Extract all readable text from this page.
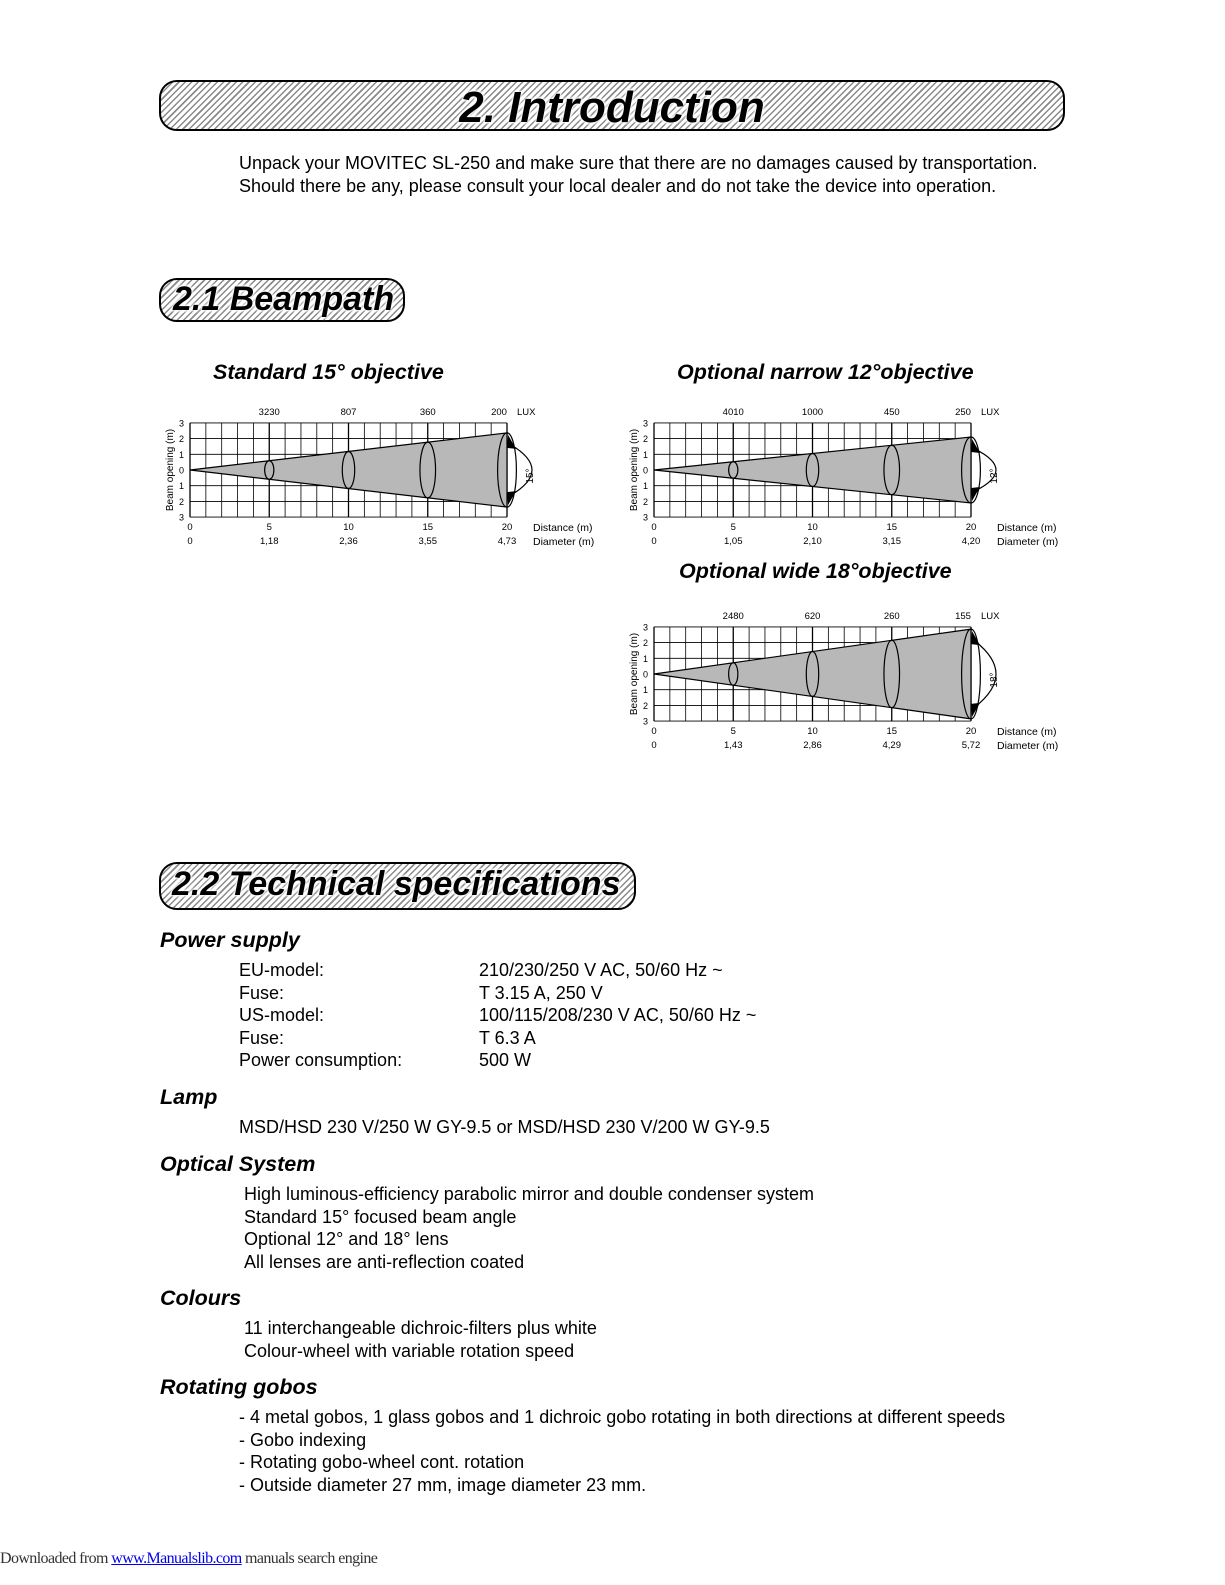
2. Introduction
Unpack your MOVITEC SL-250 and make sure that there are no damages caused by transportation.
Should there be any, please consult your local dealer and do not take the device into operation.
2.1 Beampath
Standard 15° objective	Optional narrow 12°objective
Optional wide 18°objective
15°
3
2
1
0
1
2
3
Beam opening (m)
3230	807	360	200 LUX
0	5	10	15	20
0	1,18	2,36	3,55	4,73
Distance (m)
Diameter (m)
12°
3
2
1
0
1
2
3
Beam opening (m)
4010	1000	450	250 LUX
0	5	10	15	20
0	1,05	2,10	3,15	4,20
Distance (m)
Diameter (m)
18°
3
2
1
0
1
2
3
Beam opening (m)
2480	620	260	155 LUX
0	5	10	15	20
0	1,43	2,86	4,29	5,72
Distance (m)
Diameter (m)
2.2 Technical specifications
Power supply
EU-model:	210/230/250 V AC, 50/60 Hz ~
Fuse:	T 3.15 A, 250 V
US-model:	100/115/208/230 V AC, 50/60 Hz ~
Fuse:	T 6.3 A
Power consumption:	500 W
Lamp
MSD/HSD 230 V/250 W GY-9.5 or MSD/HSD 230 V/200 W GY-9.5
Optical System
High luminous-efficiency parabolic mirror and double condenser system
Standard 15° focused beam angle
Optional 12° and 18° lens
All lenses are anti-reflection coated
Colours
11 interchangeable dichroic-filters plus white
Colour-wheel with variable rotation speed
Rotating gobos
- 4 metal gobos, 1 glass gobos and 1 dichroic gobo rotating in both directions at different speeds
- Gobo indexing
- Rotating gobo-wheel cont. rotation
- Outside diameter 27 mm, image diameter 23 mm.
Downloaded from www.Manualslib.com manuals search engine
